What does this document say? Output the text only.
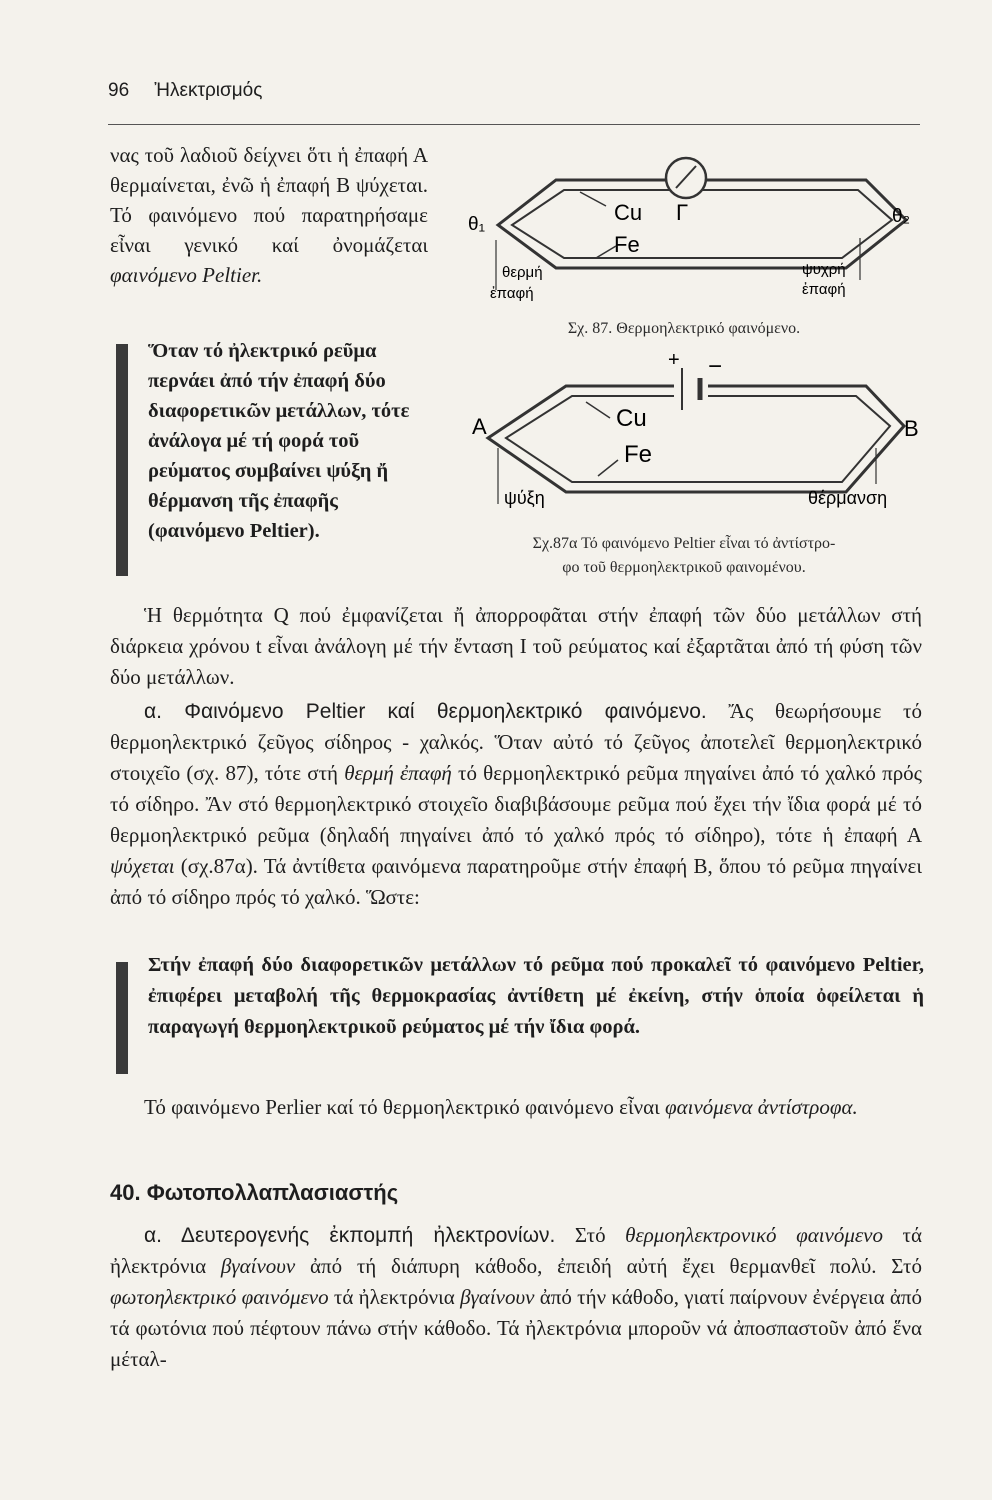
96 Ἠλεκτρισμός

νας τοῦ λαδιοῦ δείχνει ὅτι ἡ ἐπαφή Α θερμαίνεται, ἐνῶ ἡ ἐπαφή Β ψύχεται. Τό φαινόμενο πού παρατηρήσαμε εἶναι γενικό καί ὀνομάζεται φαινόμενο Peltier.

Ὅταν τό ἠλεκτρικό ρεῦμα περνάει ἀπό τήν ἐπαφή δύο διαφορετικῶν μετάλλων, τότε ἀνάλογα μέ τή φορά τοῦ ρεύματος συμβαίνει ψύξη ἤ θέρμανση τῆς ἐπαφῆς (φαινόμενο Peltier).

θ₁	θ₂
Cu Γ
Fe
θερμή
ἐπαφή
ψυχρή
ἐπαφή
Σχ. 87. Θερμοηλεκτρικό φαινόμενο.
+ −
A	B
Cu
Fe
ψύξη	θέρμανση
Σχ.87α Τό φαινόμενο Peltier εἶναι τό ἀντίστρο-
φο τοῦ θερμοηλεκτρικοῦ φαινομένου.

Ἡ θερμότητα Q πού ἐμφανίζεται ἤ ἀπορροφᾶται στήν ἐπαφή τῶν δύο μετάλλων στή διάρκεια χρόνου t εἶναι ἀνάλογη μέ τήν ἔνταση Ι τοῦ ρεύματος καί ἐξαρτᾶται ἀπό τή φύση τῶν δύο μετάλλων.

α. Φαινόμενο Peltier καί θερμοηλεκτρικό φαινόμενο. Ἄς θεωρήσουμε τό θερμοηλεκτρικό ζεῦγος σίδηρος - χαλκός. Ὅταν αὐτό τό ζεῦγος ἀποτελεῖ θερμοηλεκτρικό στοιχεῖο (σχ. 87), τότε στή θερμή ἐπαφή τό θερμοηλεκτρικό ρεῦμα πηγαίνει ἀπό τό χαλκό πρός τό σίδηρο. Ἄν στό θερμοηλεκτρικό στοιχεῖο διαβιβάσουμε ρεῦμα πού ἔχει τήν ἴδια φορά μέ τό θερμοηλεκτρικό ρεῦμα (δηλαδή πηγαίνει ἀπό τό χαλκό πρός τό σίδηρο), τότε ἡ ἐπαφή Α ψύχεται (σχ.87α). Τά ἀντίθετα φαινόμενα παρατηροῦμε στήν ἐπαφή Β, ὅπου τό ρεῦμα πηγαίνει ἀπό τό σίδηρο πρός τό χαλκό. Ὥστε:

Στήν ἐπαφή δύο διαφορετικῶν μετάλλων τό ρεῦμα πού προκαλεῖ τό φαινόμενο Peltier, ἐπιφέρει μεταβολή τῆς θερμοκρασίας ἀντίθετη μέ ἐκείνη, στήν ὁποία ὀφείλεται ἡ παραγωγή θερμοηλεκτρικοῦ ρεύματος μέ τήν ἴδια φορά.

Τό φαινόμενο Perlier καί τό θερμοηλεκτρικό φαινόμενο εἶναι φαινόμενα ἀντίστροφα.

40. Φωτοπολλαπλασιαστής

α. Δευτερογενής ἐκπομπή ἠλεκτρονίων. Στό θερμοηλεκτρονικό φαινόμενο τά ἠλεκτρόνια βγαίνουν ἀπό τή διάπυρη κάθοδο, ἐπειδή αὐτή ἔχει θερμανθεῖ πολύ. Στό φωτοηλεκτρικό φαινόμενο τά ἠλεκτρόνια βγαίνουν ἀπό τήν κάθοδο, γιατί παίρνουν ἐνέργεια ἀπό τά φωτόνια πού πέφτουν πάνω στήν κάθοδο. Τά ἠλεκτρόνια μποροῦν νά ἀποσπαστοῦν ἀπό ἕνα μέταλ-
